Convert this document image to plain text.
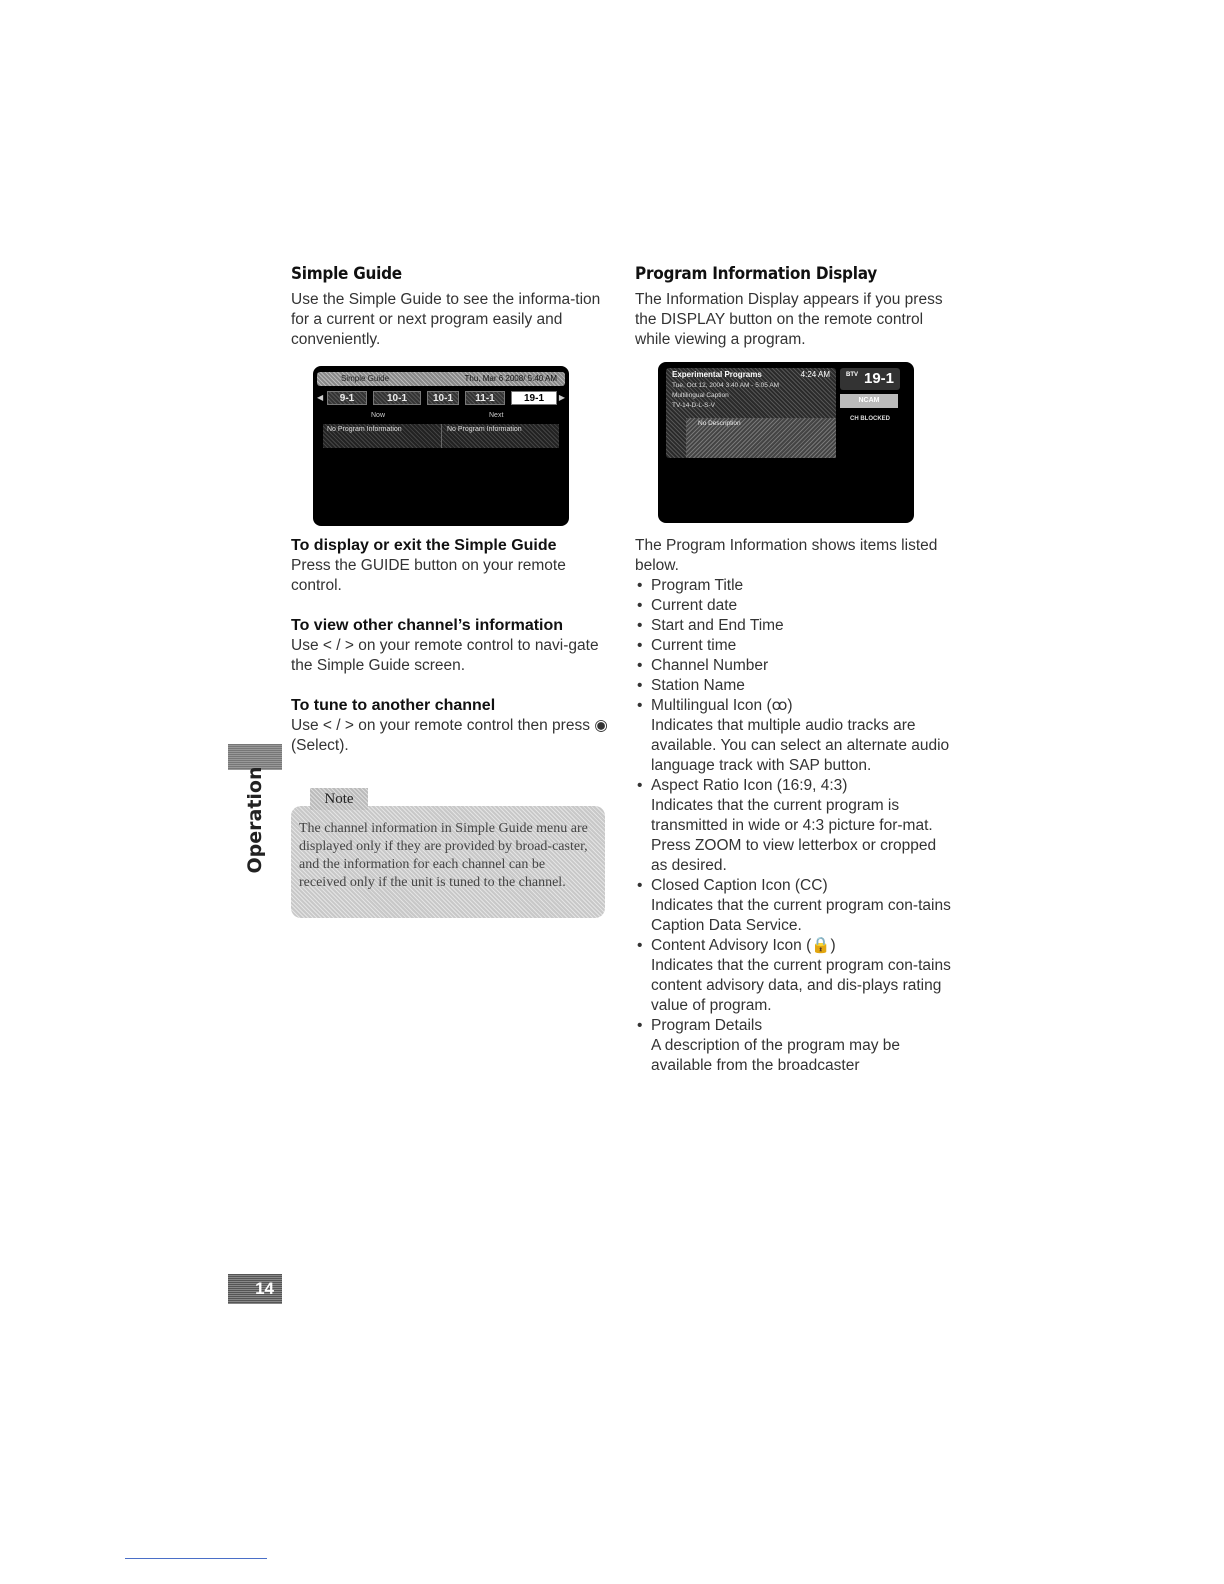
Simple Guide

Use the Simple Guide to see the informa-tion for a current or next program easily and conveniently.

Simple Guide	Thu, Mar 6 2008/ 5:40 AM
◀	9-1	10-1	10-1	11-1	19-1	▶
Now	Next
No Program Information	No Program Information
To display or exit the Simple Guide

Press the GUIDE button on your remote control.

To view other channel’s information

Use < / > on your remote control to navi-gate the Simple Guide screen.

To tune to another channel

Use < / > on your remote control then press ◉ (Select).

The channel information in Simple Guide menu are displayed only if they are provided by broad-caster, and the information for each channel can be received only if the unit is tuned to the channel.

Note
Program Information Display

The Information Display appears if you press the DISPLAY button on the remote control while viewing a program.

Experimental Programs	4:24 AM
Tue, Oct 12, 2004 3:40 AM - 5:05 AM
Multilingual Caption
TV-14-D-L-S-V
No Description
BTV 19-1
NCAM
CH BLOCKED

The Program Information shows items listed below.

• Program Title
• Current date
• Start and End Time
• Current time
• Channel Number
• Station Name
• Multilingual Icon (ꝏ)
Indicates that multiple audio tracks are available. You can select an alternate audio language track with SAP button.
• Aspect Ratio Icon (16:9, 4:3)
Indicates that the current program is transmitted in wide or 4:3 picture for-mat. Press ZOOM to view letterbox or cropped as desired.
• Closed Caption Icon (CC)
Indicates that the current program con-tains Caption Data Service.
• Content Advisory Icon (🔒)
Indicates that the current program con-tains content advisory data, and dis-plays rating value of program.
• Program Details
A description of the program may be available from the broadcaster
Operation
14
